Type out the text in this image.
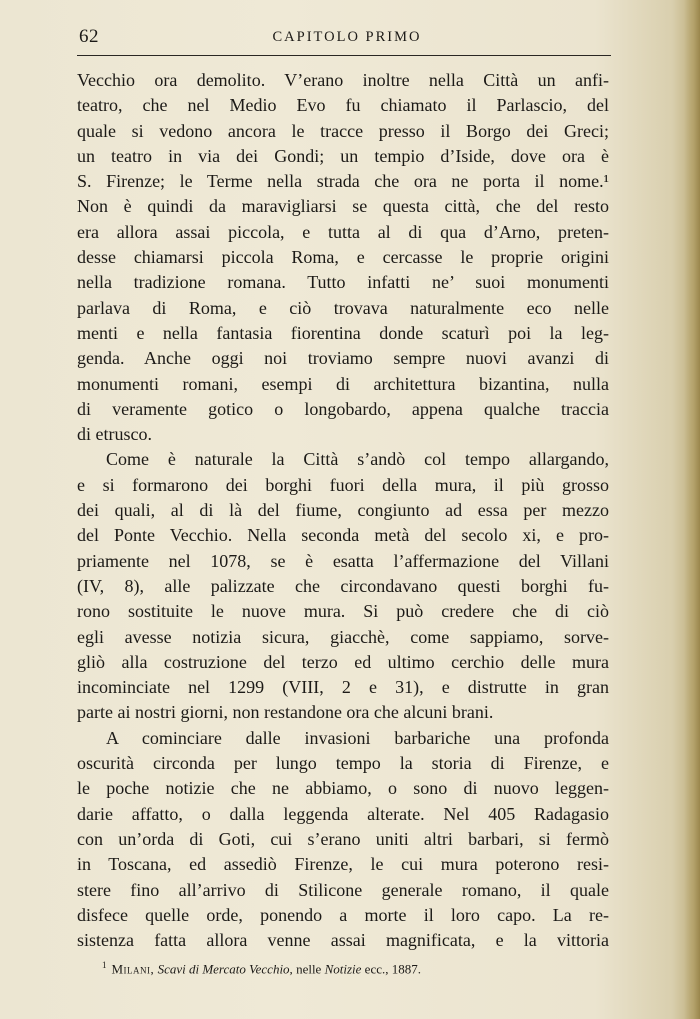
62	CAPITOLO PRIMO
Vecchio ora demolito. V’erano inoltre nella Città un anfi-
teatro, che nel Medio Evo fu chiamato il Parlascio, del
quale si vedono ancora le tracce presso il Borgo dei Greci;
un teatro in via dei Gondi; un tempio d’Iside, dove ora è
S. Firenze; le Terme nella strada che ora ne porta il nome.¹
Non è quindi da maravigliarsi se questa città, che del resto
era allora assai piccola, e tutta al di qua d’Arno, preten-
desse chiamarsi piccola Roma, e cercasse le proprie origini
nella tradizione romana. Tutto infatti ne’ suoi monumenti
parlava di Roma, e ciò trovava naturalmente eco nelle
menti e nella fantasia fiorentina donde scaturì poi la leg-
genda. Anche oggi noi troviamo sempre nuovi avanzi di
monumenti romani, esempi di architettura bizantina, nulla
di veramente gotico o longobardo, appena qualche traccia
di etrusco.
Come è naturale la Città s’andò col tempo allargando,
e si formarono dei borghi fuori della mura, il più grosso
dei quali, al di là del fiume, congiunto ad essa per mezzo
del Ponte Vecchio. Nella seconda metà del secolo xi, e pro-
priamente nel 1078, se è esatta l’affermazione del Villani
(IV, 8), alle palizzate che circondavano questi borghi fu-
rono sostituite le nuove mura. Si può credere che di ciò
egli avesse notizia sicura, giacchè, come sappiamo, sorve-
gliò alla costruzione del terzo ed ultimo cerchio delle mura
incominciate nel 1299 (VIII, 2 e 31), e distrutte in gran
parte ai nostri giorni, non restandone ora che alcuni brani.
A cominciare dalle invasioni barbariche una profonda
oscurità circonda per lungo tempo la storia di Firenze, e
le poche notizie che ne abbiamo, o sono di nuovo leggen-
darie affatto, o dalla leggenda alterate. Nel 405 Radagasio
con un’orda di Goti, cui s’erano uniti altri barbari, si fermò
in Toscana, ed assediò Firenze, le cui mura poterono resi-
stere fino all’arrivo di Stilicone generale romano, il quale
disfece quelle orde, ponendo a morte il loro capo. La re-
sistenza fatta allora venne assai magnificata, e la vittoria
$^1$ Milani, Scavi di Mercato Vecchio, nelle Notizie ecc., 1887.
